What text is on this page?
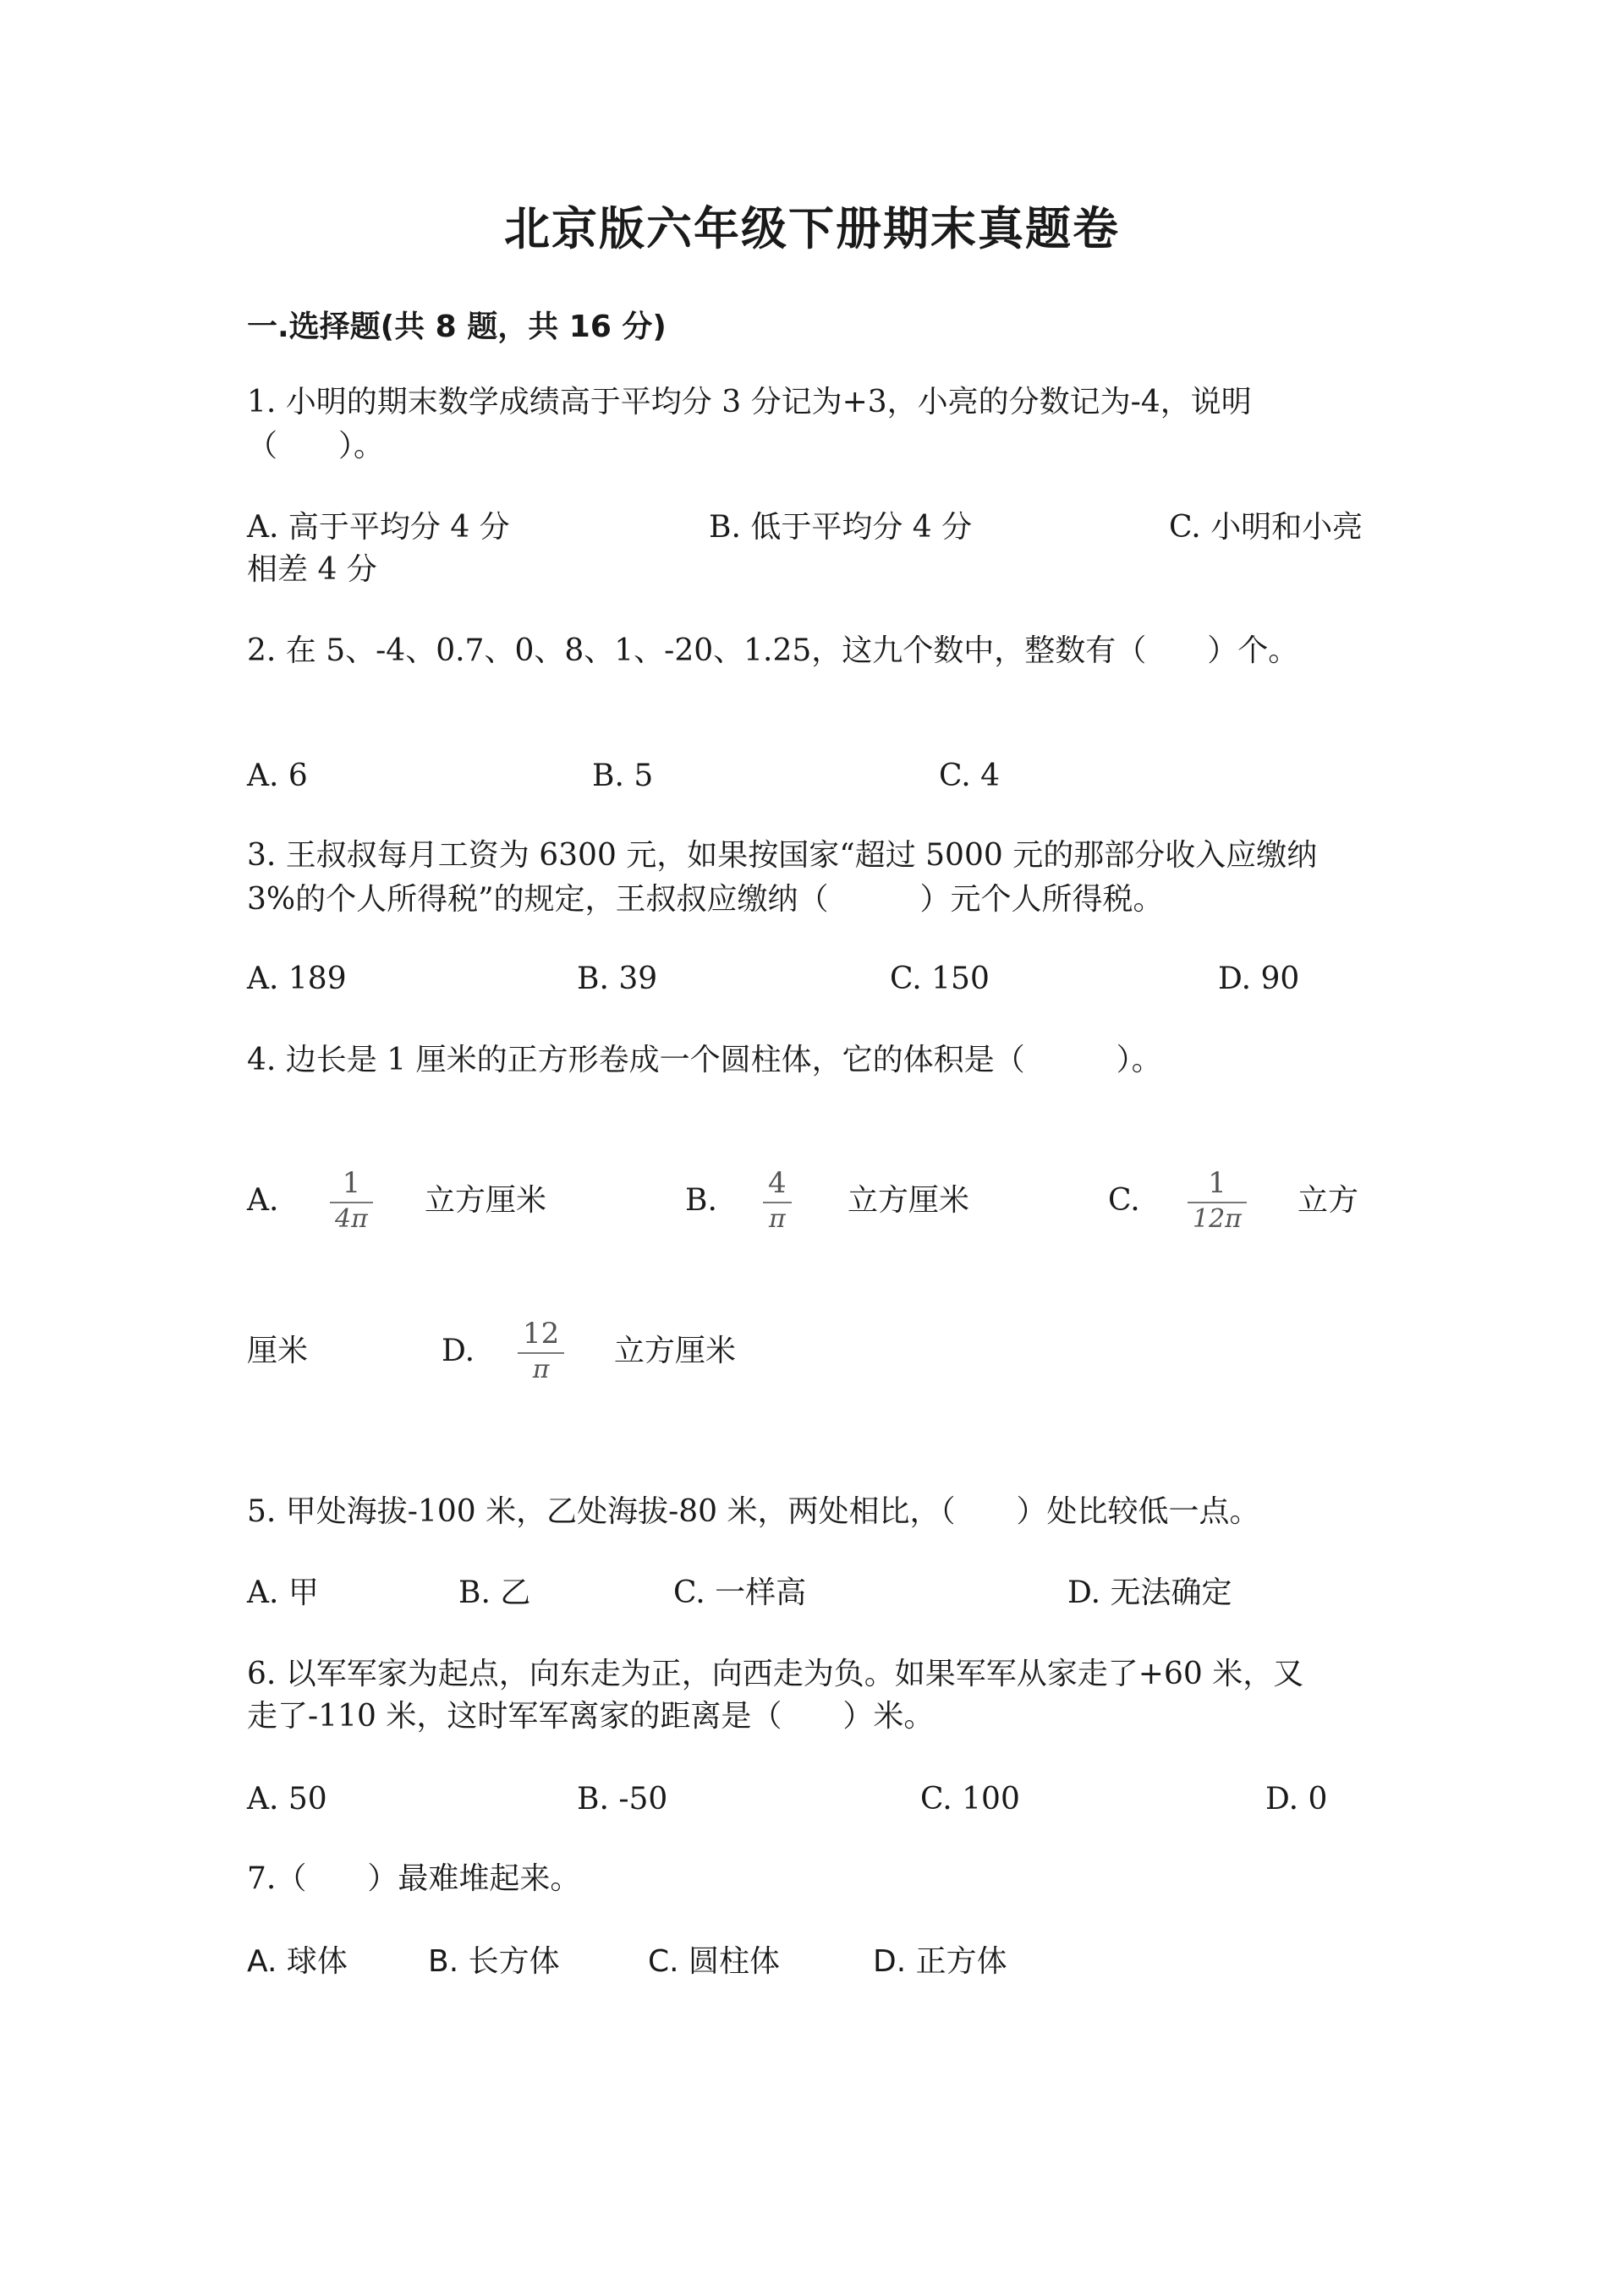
北京版六年级下册期末真题卷
一.选择题(共 8 题，共 16 分)
1. 小明的期末数学成绩高于平均分 3 分记为+3，小亮的分数记为-4，说明
（　　）。
A. 高于平均分 4 分	B. 低于平均分 4 分	C. 小明和小亮
相差 4 分
2. 在 5、-4、0.7、0、8、1、-20、1.25，这九个数中，整数有（　　）个。
A. 6	B. 5	C. 4
3. 王叔叔每月工资为 6300 元，如果按国家“超过 5000 元的那部分收入应缴纳
3%的个人所得税”的规定，王叔叔应缴纳（　　　）元个人所得税。
A. 189	B. 39	C. 150	D. 90
4. 边长是 1 厘米的正方形卷成一个圆柱体，它的体积是（　　　）。
A. 1
4π
立方厘米	B. 4
π
立方厘米	C. 1
12π
立方
厘米	D. 12
π
立方厘米
5. 甲处海拔-100 米，乙处海拔-80 米，两处相比，（　　）处比较低一点。
A. 甲	B. 乙	C. 一样高	D. 无法确定
6. 以军军家为起点，向东走为正，向西走为负。如果军军从家走了+60 米，又
走了-110 米，这时军军离家的距离是（　　）米。
A. 50	B. -50	C. 100	D. 0
7.（　　）最难堆起来。
A. 球体	B. 长方体	C. 圆柱体	D. 正方体
